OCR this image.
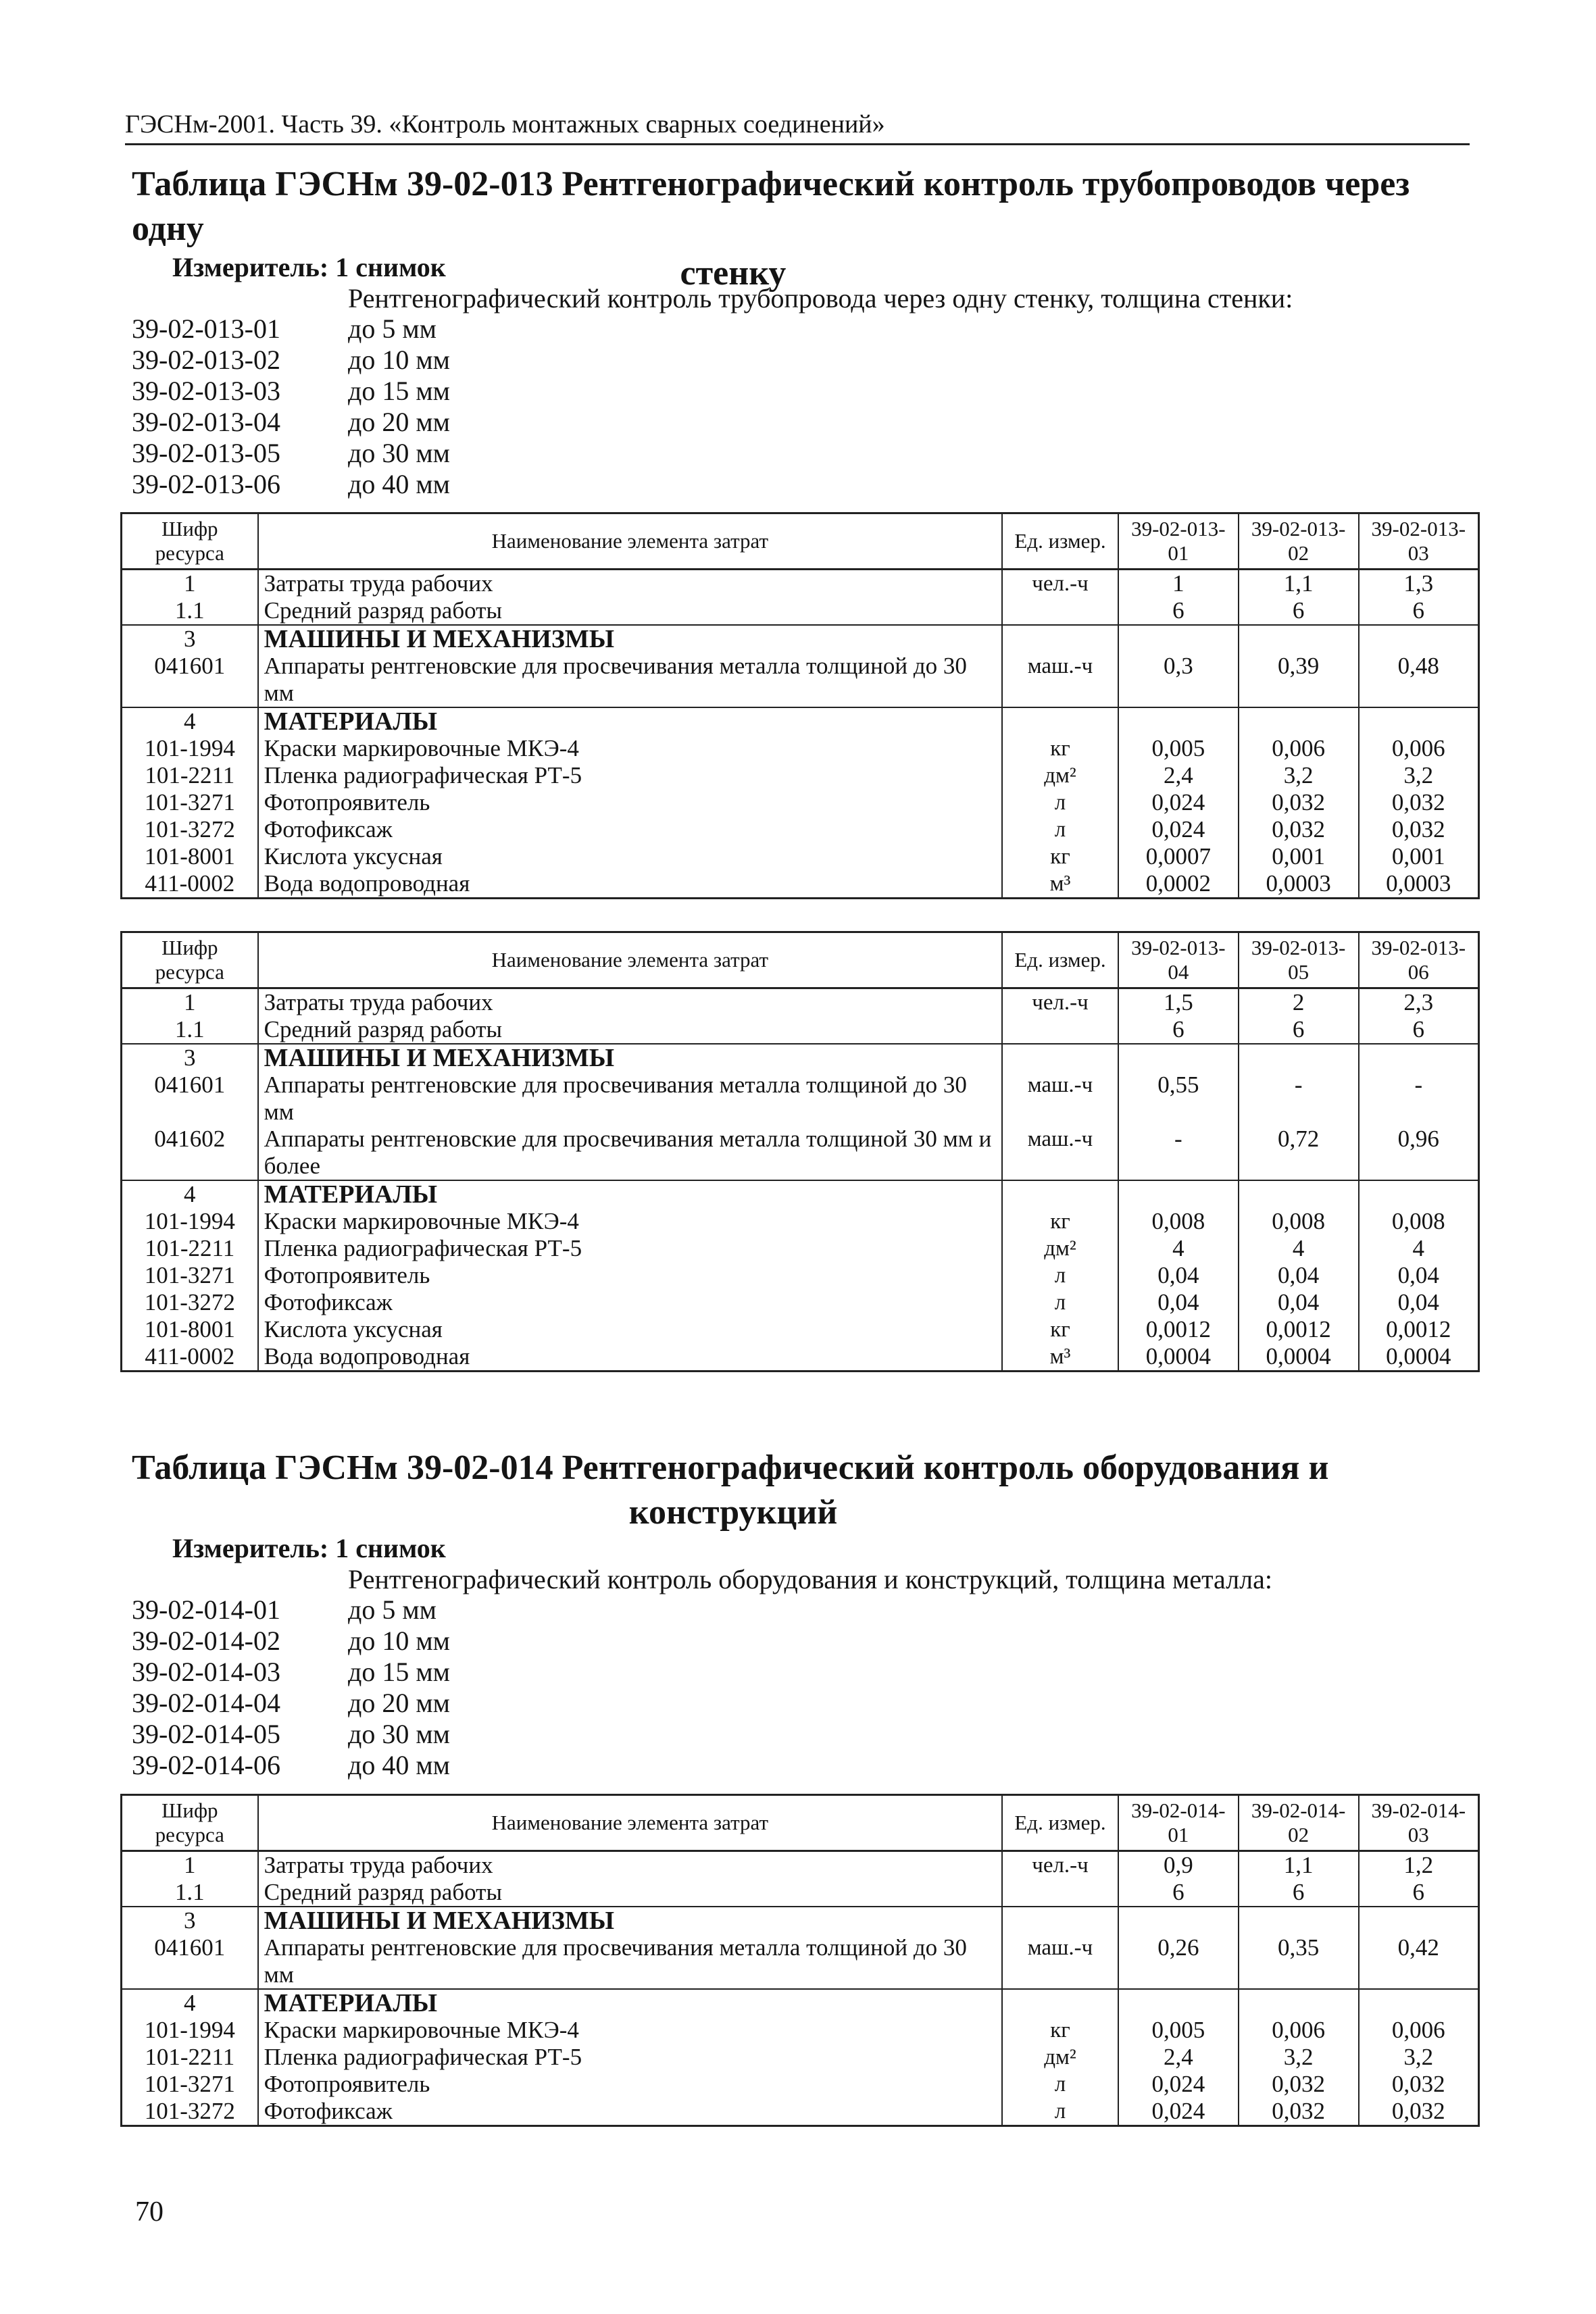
ГЭСНм-2001. Часть 39. «Контроль монтажных сварных соединений»
Таблица ГЭСНм 39-02-013 Рентгенографический контроль трубопроводов через одну
стенку
Измеритель: 1 снимок
Рентгенографический контроль трубопровода через одну стенку, толщина стенки:
39-02-013-01	до 5 мм
39-02-013-02	до 10 мм
39-02-013-03	до 15 мм
39-02-013-04	до 20 мм
39-02-013-05	до 30 мм
39-02-013-06	до 40 мм
Шифр ресурса	Наименование элемента затрат	Ед. измер.	39-02-013-01	39-02-013-02	39-02-013-03
1	Затраты труда рабочих	чел.-ч	1	1,1	1,3
1.1	Средний разряд работы		6	6	6
3	МАШИНЫ И МЕХАНИЗМЫ				
041601	Аппараты рентгеновские для просвечивания металла толщиной до 30 мм	маш.-ч	0,3	0,39	0,48
4	МАТЕРИАЛЫ				
101-1994	Краски маркировочные МКЭ-4	кг	0,005	0,006	0,006
101-2211	Пленка радиографическая РТ-5	дм²	2,4	3,2	3,2
101-3271	Фотопроявитель	л	0,024	0,032	0,032
101-3272	Фотофиксаж	л	0,024	0,032	0,032
101-8001	Кислота уксусная	кг	0,0007	0,001	0,001
411-0002	Вода водопроводная	м³	0,0002	0,0003	0,0003
Шифр ресурса	Наименование элемента затрат	Ед. измер.	39-02-013-04	39-02-013-05	39-02-013-06
1	Затраты труда рабочих	чел.-ч	1,5	2	2,3
1.1	Средний разряд работы		6	6	6
3	МАШИНЫ И МЕХАНИЗМЫ				
041601	Аппараты рентгеновские для просвечивания металла толщиной до 30 мм	маш.-ч	0,55	-	-
041602	Аппараты рентгеновские для просвечивания металла толщиной 30 мм и более	маш.-ч	-	0,72	0,96
4	МАТЕРИАЛЫ				
101-1994	Краски маркировочные МКЭ-4	кг	0,008	0,008	0,008
101-2211	Пленка радиографическая РТ-5	дм²	4	4	4
101-3271	Фотопроявитель	л	0,04	0,04	0,04
101-3272	Фотофиксаж	л	0,04	0,04	0,04
101-8001	Кислота уксусная	кг	0,0012	0,0012	0,0012
411-0002	Вода водопроводная	м³	0,0004	0,0004	0,0004
Таблица ГЭСНм 39-02-014 Рентгенографический контроль оборудования и
конструкций
Измеритель: 1 снимок
Рентгенографический контроль оборудования и конструкций, толщина металла:
39-02-014-01	до 5 мм
39-02-014-02	до 10 мм
39-02-014-03	до 15 мм
39-02-014-04	до 20 мм
39-02-014-05	до 30 мм
39-02-014-06	до 40 мм
Шифр ресурса	Наименование элемента затрат	Ед. измер.	39-02-014-01	39-02-014-02	39-02-014-03
1	Затраты труда рабочих	чел.-ч	0,9	1,1	1,2
1.1	Средний разряд работы		6	6	6
3	МАШИНЫ И МЕХАНИЗМЫ				
041601	Аппараты рентгеновские для просвечивания металла толщиной до 30 мм	маш.-ч	0,26	0,35	0,42
4	МАТЕРИАЛЫ				
101-1994	Краски маркировочные МКЭ-4	кг	0,005	0,006	0,006
101-2211	Пленка радиографическая РТ-5	дм²	2,4	3,2	3,2
101-3271	Фотопроявитель	л	0,024	0,032	0,032
101-3272	Фотофиксаж	л	0,024	0,032	0,032
70
